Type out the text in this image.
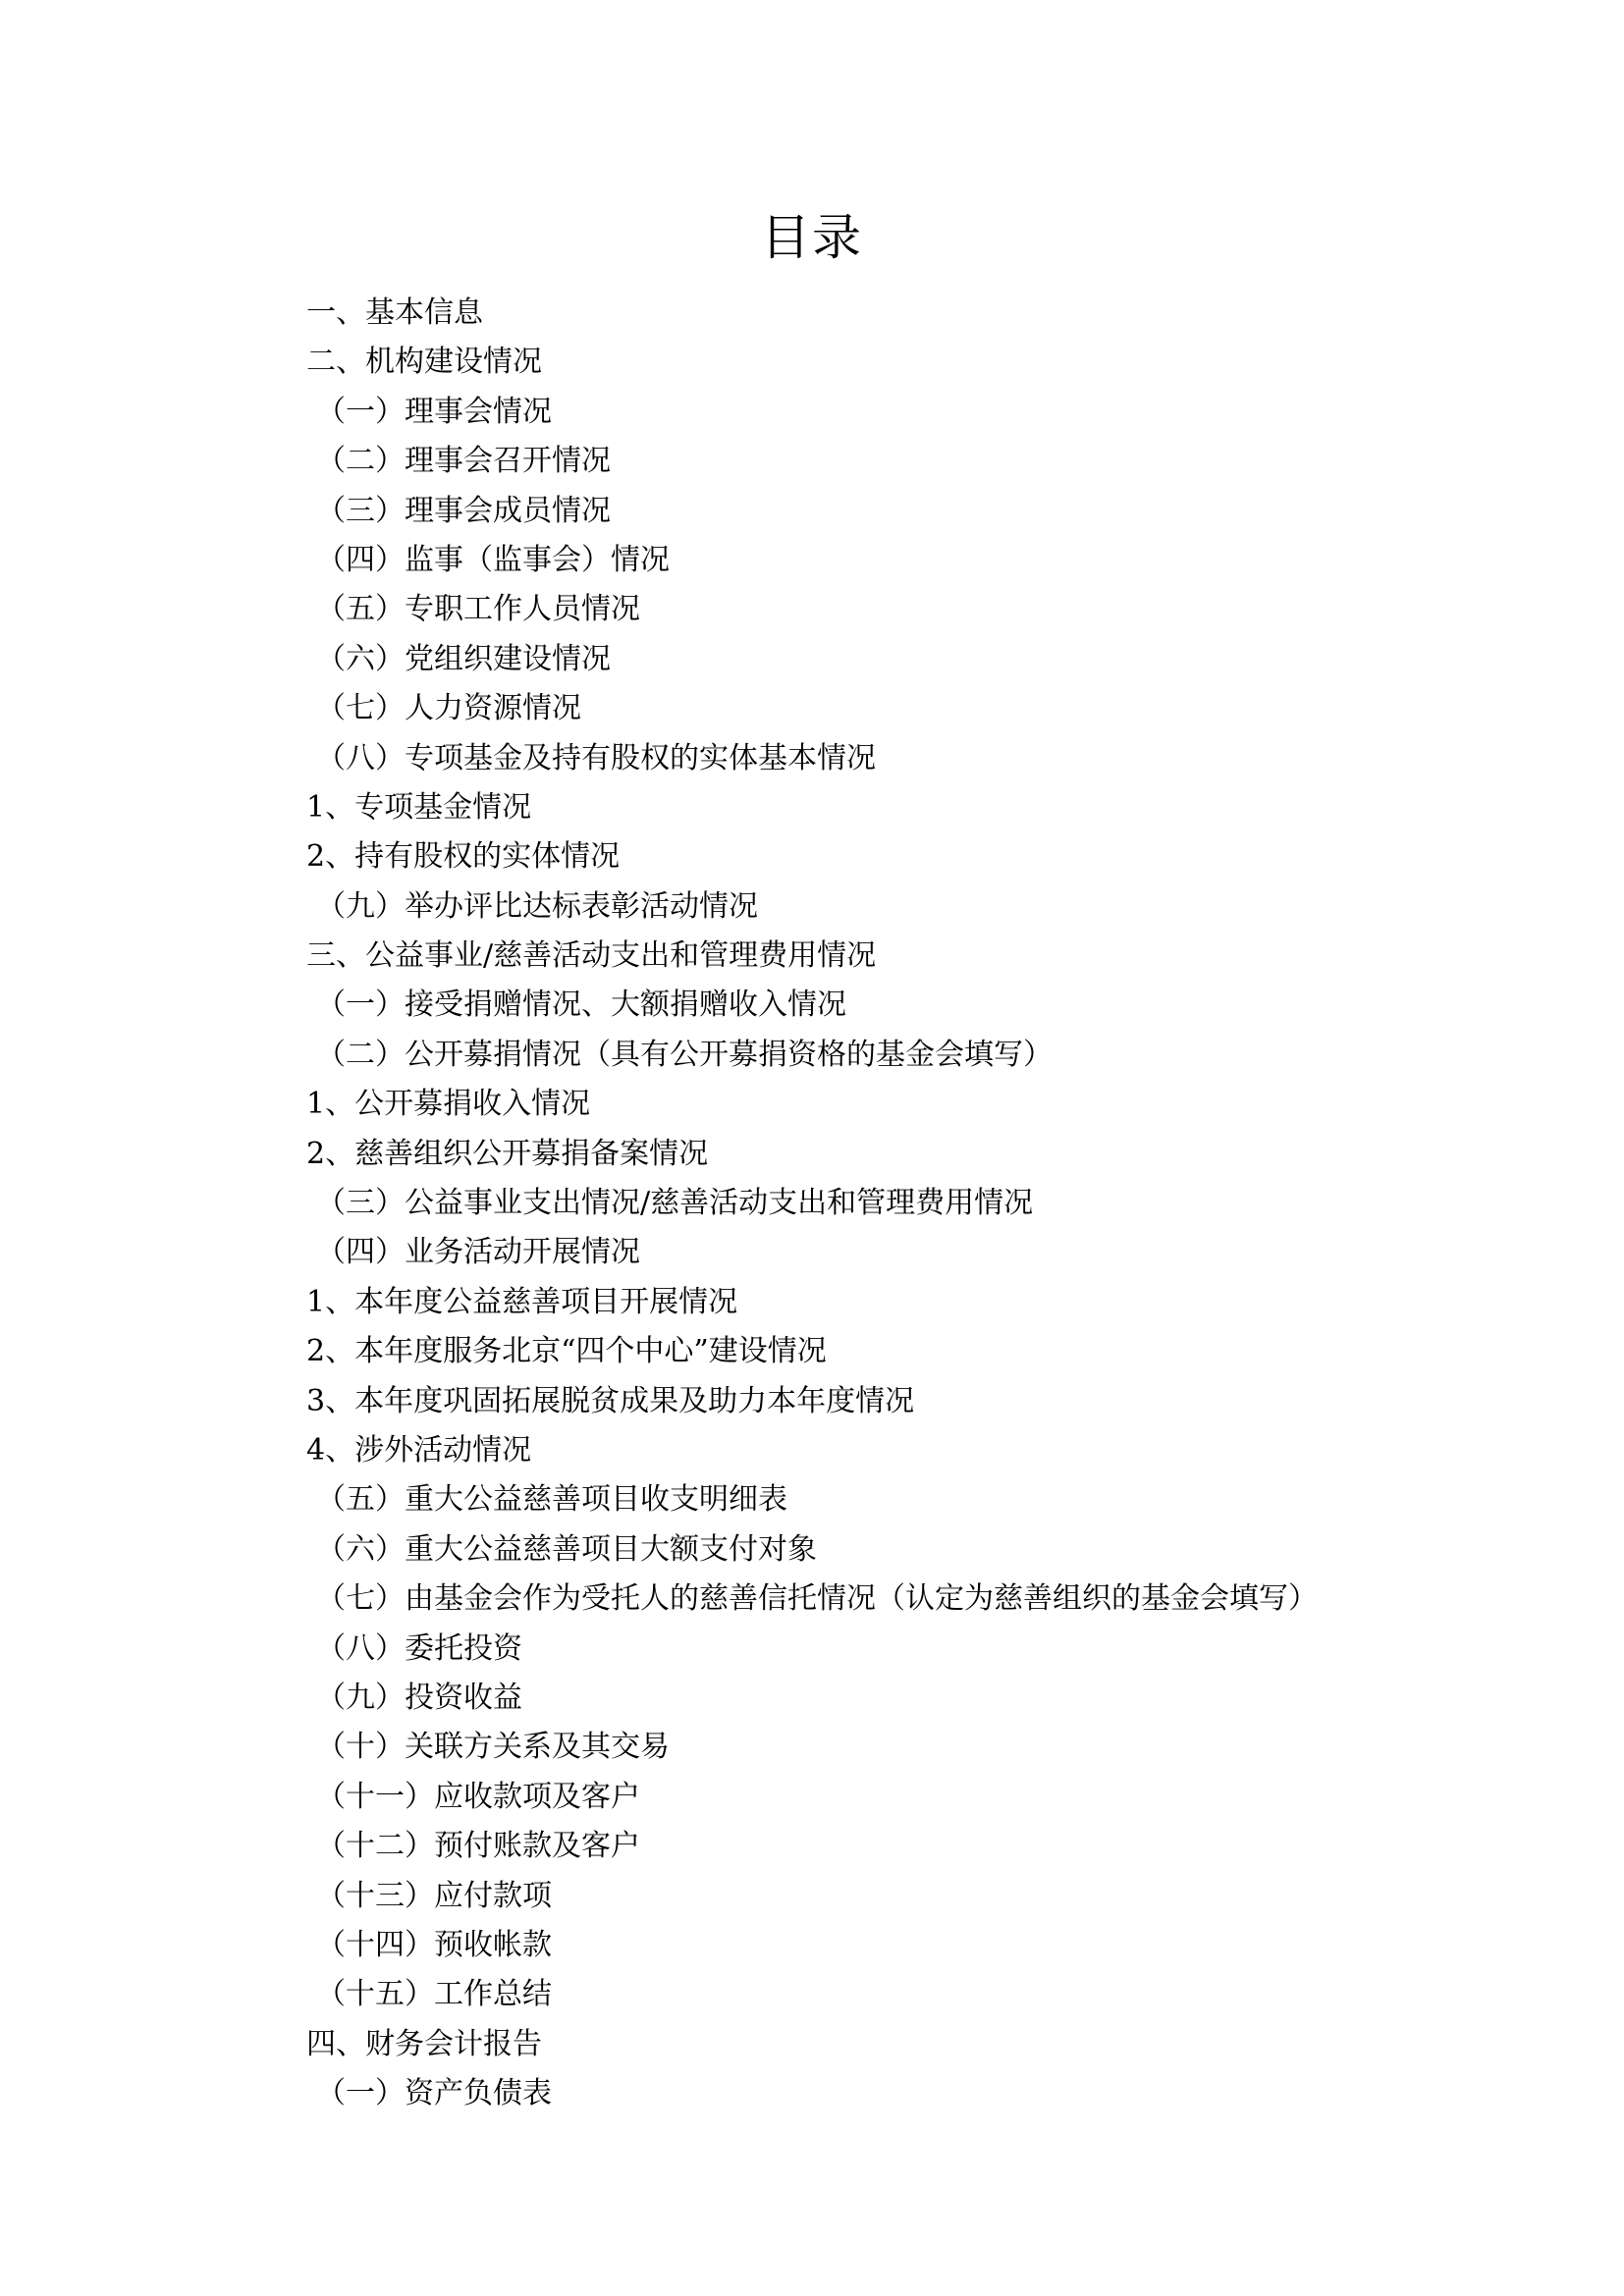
目录
一、基本信息
二、机构建设情况
（一）理事会情况
（二）理事会召开情况
（三）理事会成员情况
（四）监事（监事会）情况
（五）专职工作人员情况
（六）党组织建设情况
（七）人力资源情况
（八）专项基金及持有股权的实体基本情况
1、专项基金情况
2、持有股权的实体情况
（九）举办评比达标表彰活动情况
三、公益事业/慈善活动支出和管理费用情况
（一）接受捐赠情况、大额捐赠收入情况
（二）公开募捐情况（具有公开募捐资格的基金会填写）
1、公开募捐收入情况
2、慈善组织公开募捐备案情况
（三）公益事业支出情况/慈善活动支出和管理费用情况
（四）业务活动开展情况
1、本年度公益慈善项目开展情况
2、本年度服务北京“四个中心”建设情况
3、本年度巩固拓展脱贫成果及助力本年度情况
4、涉外活动情况
（五）重大公益慈善项目收支明细表
（六）重大公益慈善项目大额支付对象
（七）由基金会作为受托人的慈善信托情况（认定为慈善组织的基金会填写）
（八）委托投资
（九）投资收益
（十）关联方关系及其交易
（十一）应收款项及客户
（十二）预付账款及客户
（十三）应付款项
（十四）预收帐款
（十五）工作总结
四、财务会计报告
（一）资产负债表
